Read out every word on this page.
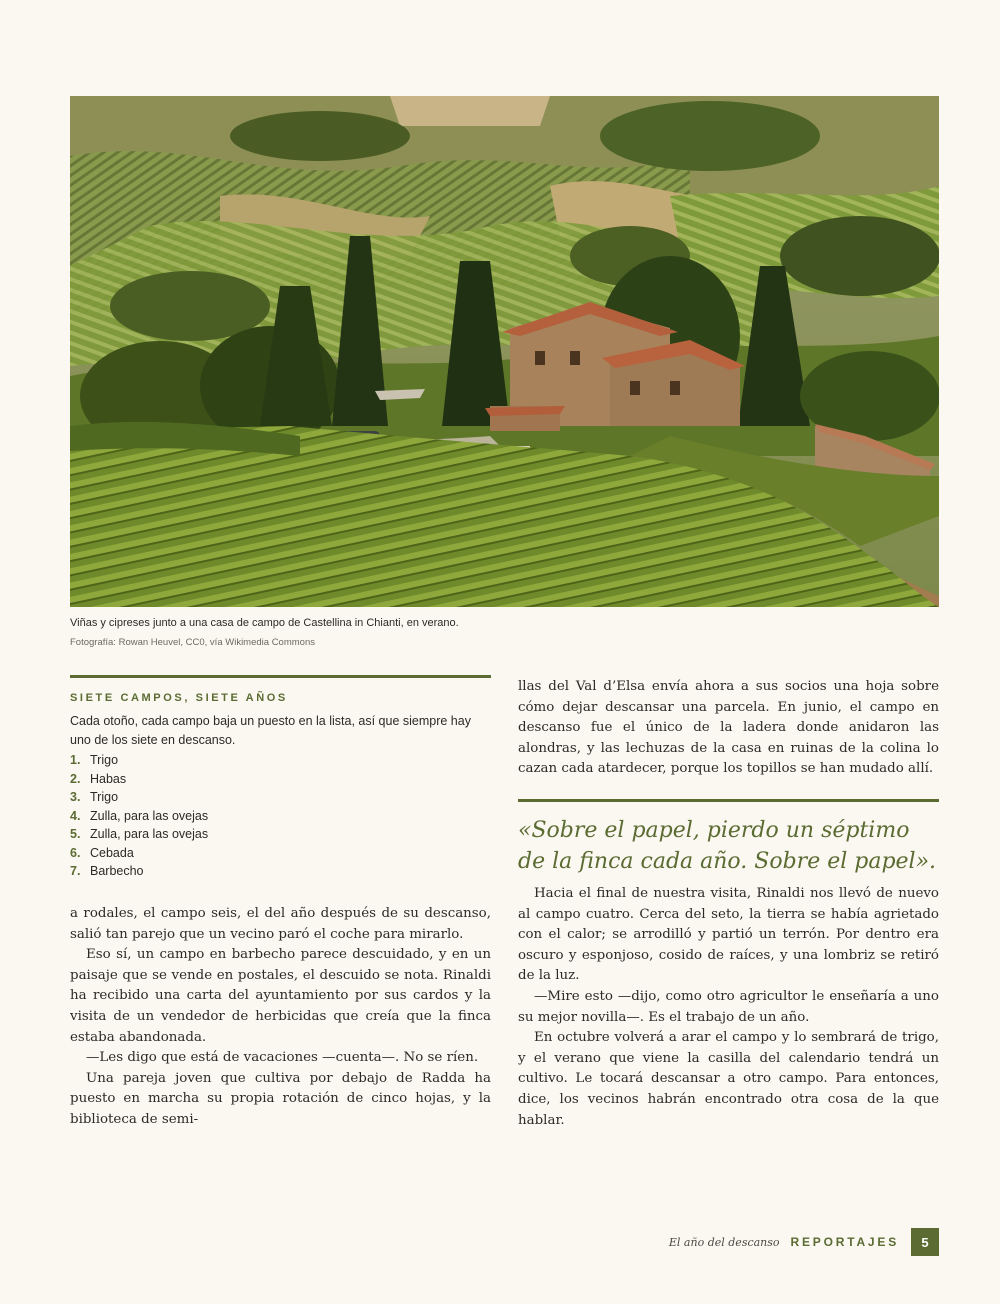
Viñas y cipreses junto a una casa de campo de Castellina in Chianti, en verano.
Fotografía: Rowan Heuvel, CC0, vía Wikimedia Commons
SIETE CAMPOS, SIETE AÑOS

Cada otoño, cada campo baja un puesto en la lista, así que siempre hay uno de los siete en descanso.

1. Trigo
2. Habas
3. Trigo
4. Zulla, para las ovejas
5. Zulla, para las ovejas
6. Cebada
7. Barbecho

a rodales, el campo seis, el del año después de su descanso, salió tan parejo que un vecino paró el coche para mirarlo.

Eso sí, un campo en barbecho parece descuidado, y en un paisaje que se vende en postales, el descuido se nota. Rinaldi ha recibido una carta del ayuntamiento por sus cardos y la visita de un vendedor de herbicidas que creía que la finca estaba abandonada.

—Les digo que está de vacaciones —cuenta—. No se ríen.

Una pareja joven que cultiva por debajo de Radda ha puesto en marcha su propia rotación de cinco hojas, y la biblioteca de semi-

llas del Val d’Elsa envía ahora a sus socios una hoja sobre cómo dejar descansar una parcela. En junio, el campo en descanso fue el único de la ladera donde anidaron las alondras, y las lechuzas de la casa en ruinas de la colina lo cazan cada atardecer, porque los topillos se han mudado allí.

«Sobre el papel, pierdo un séptimo de la finca cada año. Sobre el papel».

Hacia el final de nuestra visita, Rinaldi nos llevó de nuevo al campo cuatro. Cerca del seto, la tierra se había agrietado con el calor; se arrodilló y partió un terrón. Por dentro era oscuro y esponjoso, cosido de raíces, y una lombriz se retiró de la luz.

—Mire esto —dijo, como otro agricultor le enseñaría a uno su mejor novilla—. Es el trabajo de un año.

En octubre volverá a arar el campo y lo sembrará de trigo, y el verano que viene la casilla del calendario tendrá un cultivo. Le tocará descansar a otro campo. Para entonces, dice, los vecinos habrán encontrado otra cosa de la que hablar.

El año del descanso REPORTAJES	5
